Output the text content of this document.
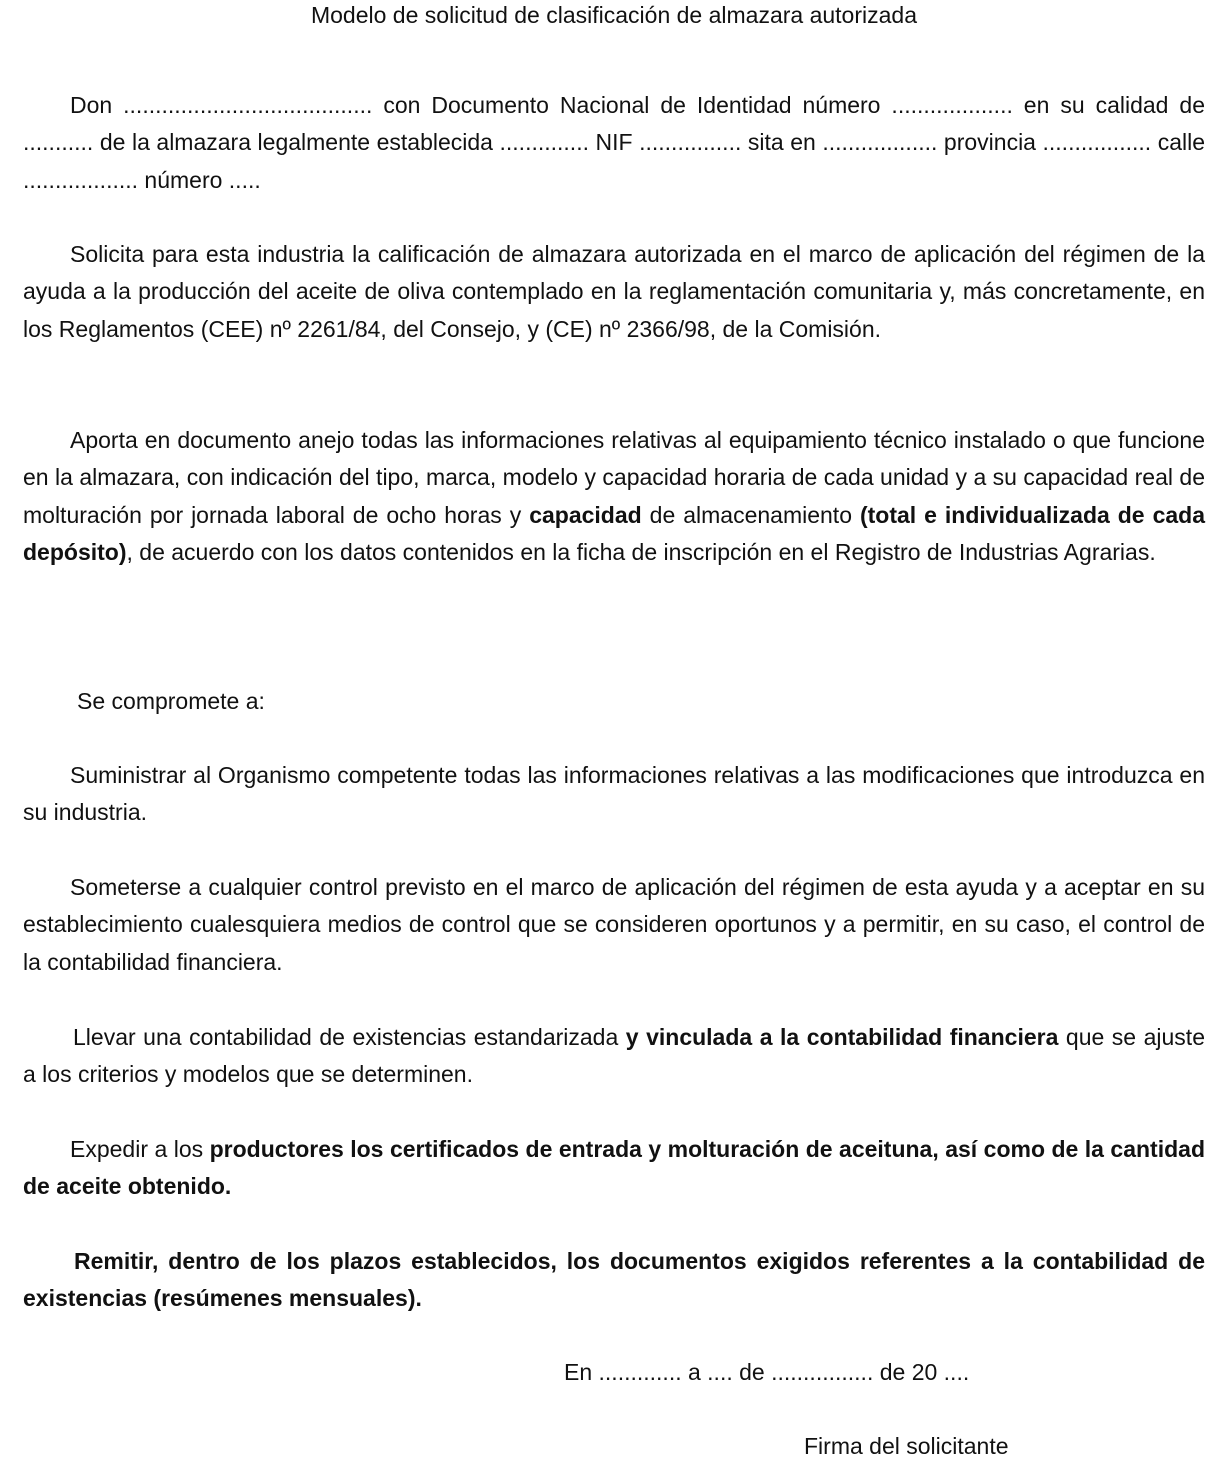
Modelo de solicitud de clasificación de almazara autorizada

Don ....................................... con Documento Nacional de Identidad número ................... en su calidad de ........... de la almazara legalmente establecida .............. NIF ................ sita en .................. provincia ................. calle .................. número .....

Solicita para esta industria la calificación de almazara autorizada en el marco de aplicación del régimen de la ayuda a la producción del aceite de oliva contemplado en la reglamentación comunitaria y, más concretamente, en los Reglamentos (CEE) nº 2261/84, del Consejo, y (CE) nº 2366/98, de la Comisión.

Aporta en documento anejo todas las informaciones relativas al equipamiento técnico instalado o que funcione en la almazara, con indicación del tipo, marca, modelo y capacidad horaria de cada unidad y a su capacidad real de molturación por jornada laboral de ocho horas y capacidad de almacenamiento (total e individualizada de cada depósito), de acuerdo con los datos contenidos en la ficha de inscripción en el Registro de Industrias Agrarias.

Se compromete a:

Suministrar al Organismo competente todas las informaciones relativas a las modificaciones que introduzca en su industria.

Someterse a cualquier control previsto en el marco de aplicación del régimen de esta ayuda y a aceptar en su establecimiento cualesquiera medios de control que se consideren oportunos y a permitir, en su caso, el control de la contabilidad financiera.

Llevar una contabilidad de existencias estandarizada y vinculada a la contabilidad financiera que se ajuste a los criterios y modelos que se determinen.

Expedir a los productores los certificados de entrada y molturación de aceituna, así como de la cantidad de aceite obtenido.

Remitir, dentro de los plazos establecidos, los documentos exigidos referentes a la contabilidad de existencias (resúmenes mensuales).

En ............. a .... de ................ de 20 ....

Firma del solicitante
